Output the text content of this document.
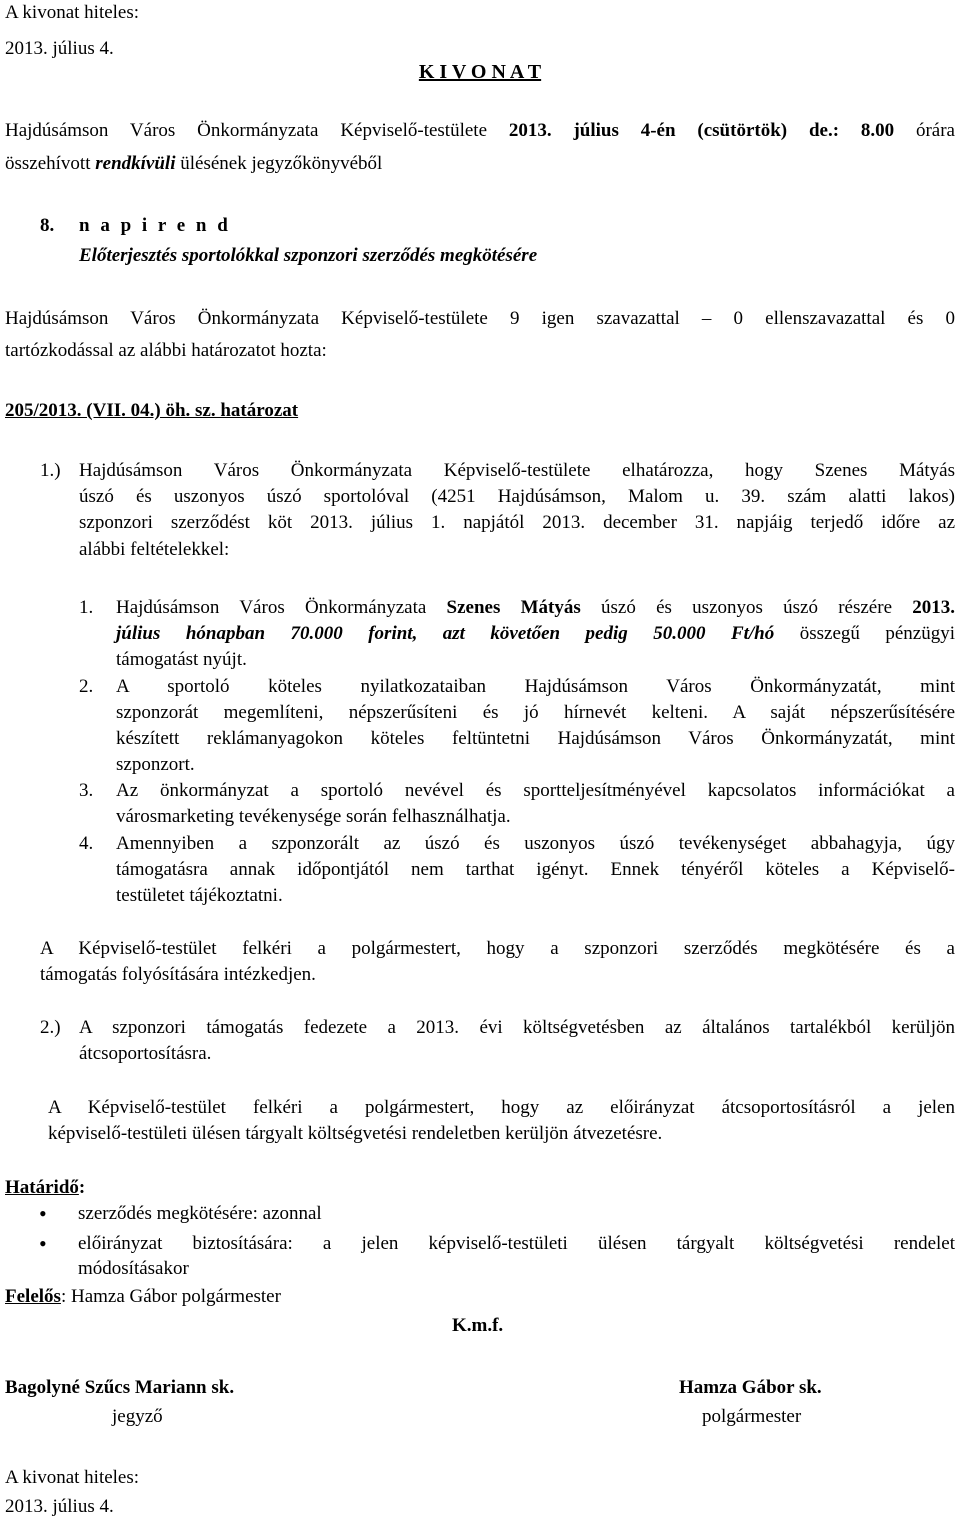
A kivonat hiteles:
2013. július 4.
K I V O N A T
Hajdúsámson Város Önkormányzata Képviselő-testülete 2013. július 4-én (csütörtök) de.: 8.00 órára
összehívott rendkívüli ülésének jegyzőkönyvéből
8. n a p i r e n d
Előterjesztés sportolókkal szponzori szerződés megkötésére
Hajdúsámson Város Önkormányzata Képviselő-testülete 9 igen szavazattal – 0 ellenszavazattal és 0
tartózkodással az alábbi határozatot hozta:
205/2013. (VII. 04.) öh. sz. határozat
1.) Hajdúsámson Város Önkormányzata Képviselő-testülete elhatározza, hogy Szenes Mátyás
úszó és uszonyos úszó sportolóval (4251 Hajdúsámson, Malom u. 39. szám alatti lakos)
szponzori szerződést köt 2013. július 1. napjától 2013. december 31. napjáig terjedő időre az
alábbi feltételekkel:
1. Hajdúsámson Város Önkormányzata Szenes Mátyás úszó és uszonyos úszó részére 2013.
július hónapban 70.000 forint, azt követően pedig 50.000 Ft/hó összegű pénzügyi
támogatást nyújt.
2. A sportoló köteles nyilatkozataiban Hajdúsámson Város Önkormányzatát, mint
szponzorát megemlíteni, népszerűsíteni és jó hírnevét kelteni. A saját népszerűsítésére
készített reklámanyagokon köteles feltüntetni Hajdúsámson Város Önkormányzatát, mint
szponzort.
3. Az önkormányzat a sportoló nevével és sportteljesítményével kapcsolatos információkat a
városmarketing tevékenysége során felhasználhatja.
4. Amennyiben a szponzorált az úszó és uszonyos úszó tevékenységet abbahagyja, úgy
támogatásra annak időpontjától nem tarthat igényt. Ennek tényéről köteles a Képviselő-
testületet tájékoztatni.
A Képviselő-testület felkéri a polgármestert, hogy a szponzori szerződés megkötésére és a
támogatás folyósítására intézkedjen.
2.) A szponzori támogatás fedezete a 2013. évi költségvetésben az általános tartalékból kerüljön
átcsoportosításra.
A Képviselő-testület felkéri a polgármestert, hogy az előirányzat átcsoportosításról a jelen
képviselő-testületi ülésen tárgyalt költségvetési rendeletben kerüljön átvezetésre.
Határidő:
• szerződés megkötésére: azonnal
• előirányzat biztosítására: a jelen képviselő-testületi ülésen tárgyalt költségvetési rendelet
módosításakor
Felelős: Hamza Gábor polgármester
K.m.f.
Bagolyné Szűcs Mariann sk.
jegyző
Hamza Gábor sk.
polgármester
A kivonat hiteles:
2013. július 4.
